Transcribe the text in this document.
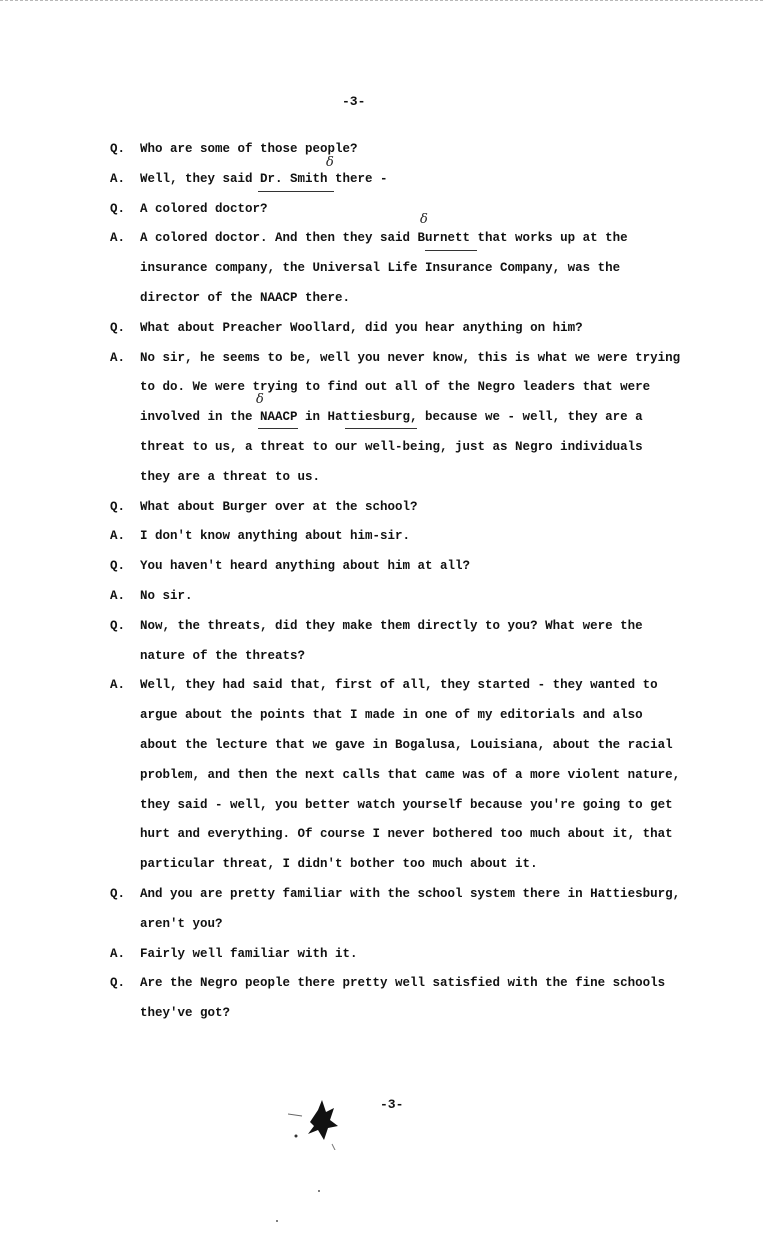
-3-
Q. Who are some of those people?
A. Well, they said Dr. Smith there -
Q. A colored doctor?
A. A colored doctor. And then they said Burnett that works up at the
insurance company, the Universal Life Insurance Company, was the
director of the NAACP there.
Q. What about Preacher Woollard, did you hear anything on him?
A. No sir, he seems to be, well you never know, this is what we were trying
to do. We were trying to find out all of the Negro leaders that were
involved in the NAACP in Hattiesburg, because we - well, they are a
threat to us, a threat to our well-being, just as Negro individuals
they are a threat to us.
Q. What about Burger over at the school?
A. I don't know anything about him-sir.
Q. You haven't heard anything about him at all?
A. No sir.
Q. Now, the threats, did they make them directly to you? What were the
nature of the threats?
A. Well, they had said that, first of all, they started - they wanted to
argue about the points that I made in one of my editorials and also
about the lecture that we gave in Bogalusa, Louisiana, about the racial
problem, and then the next calls that came was of a more violent nature,
they said - well, you better watch yourself because you're going to get
hurt and everything. Of course I never bothered too much about it, that
particular threat, I didn't bother too much about it.
Q. And you are pretty familiar with the school system there in Hattiesburg,
aren't you?
A. Fairly well familiar with it.
Q. Are the Negro people there pretty well satisfied with the fine schools
they've got?
δ
δ
δ
-3-
